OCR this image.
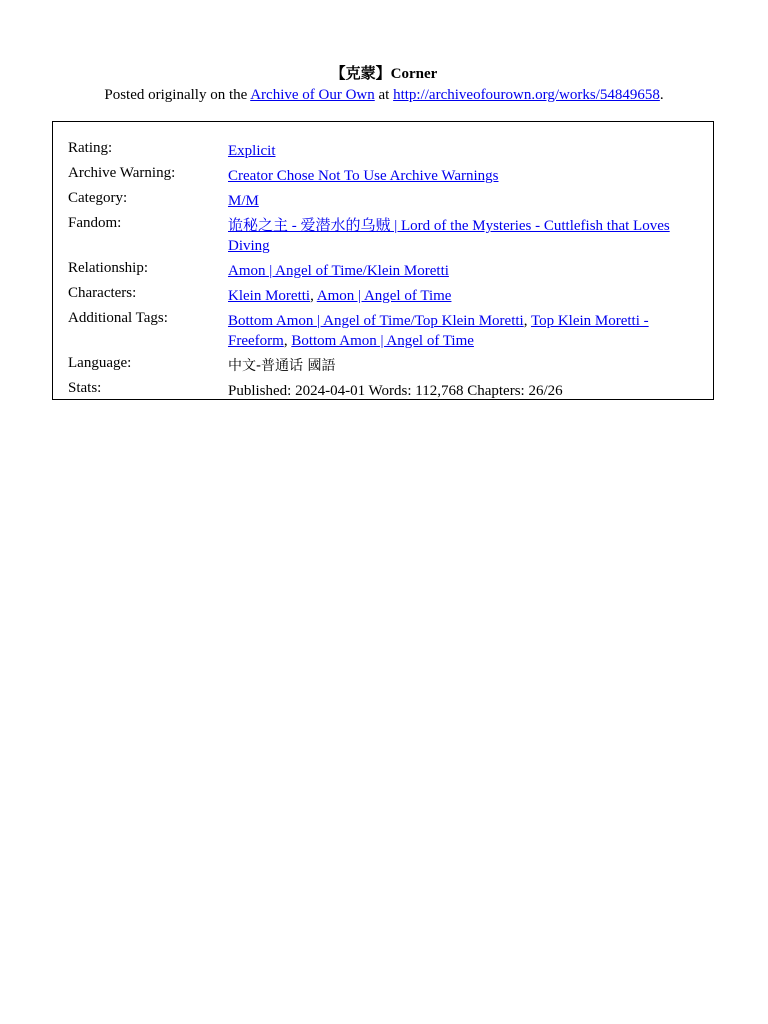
【克蒙】Corner
Posted originally on the Archive of Our Own at http://archiveofourown.org/works/54849658.
Rating:	Explicit
Archive Warning:	Creator Chose Not To Use Archive Warnings
Category:	M/M
Fandom:	诡秘之主 - 爱潜水的乌贼 | Lord of the Mysteries - Cuttlefish that Loves Diving
Relationship:	Amon | Angel of Time/Klein Moretti
Characters:	Klein Moretti, Amon | Angel of Time
Additional Tags:	Bottom Amon | Angel of Time/Top Klein Moretti, Top Klein Moretti - Freeform, Bottom Amon | Angel of Time
Language:	中文-普通话 國語
Stats:	Published: 2024-04-01 Words: 112,768 Chapters: 26/26
